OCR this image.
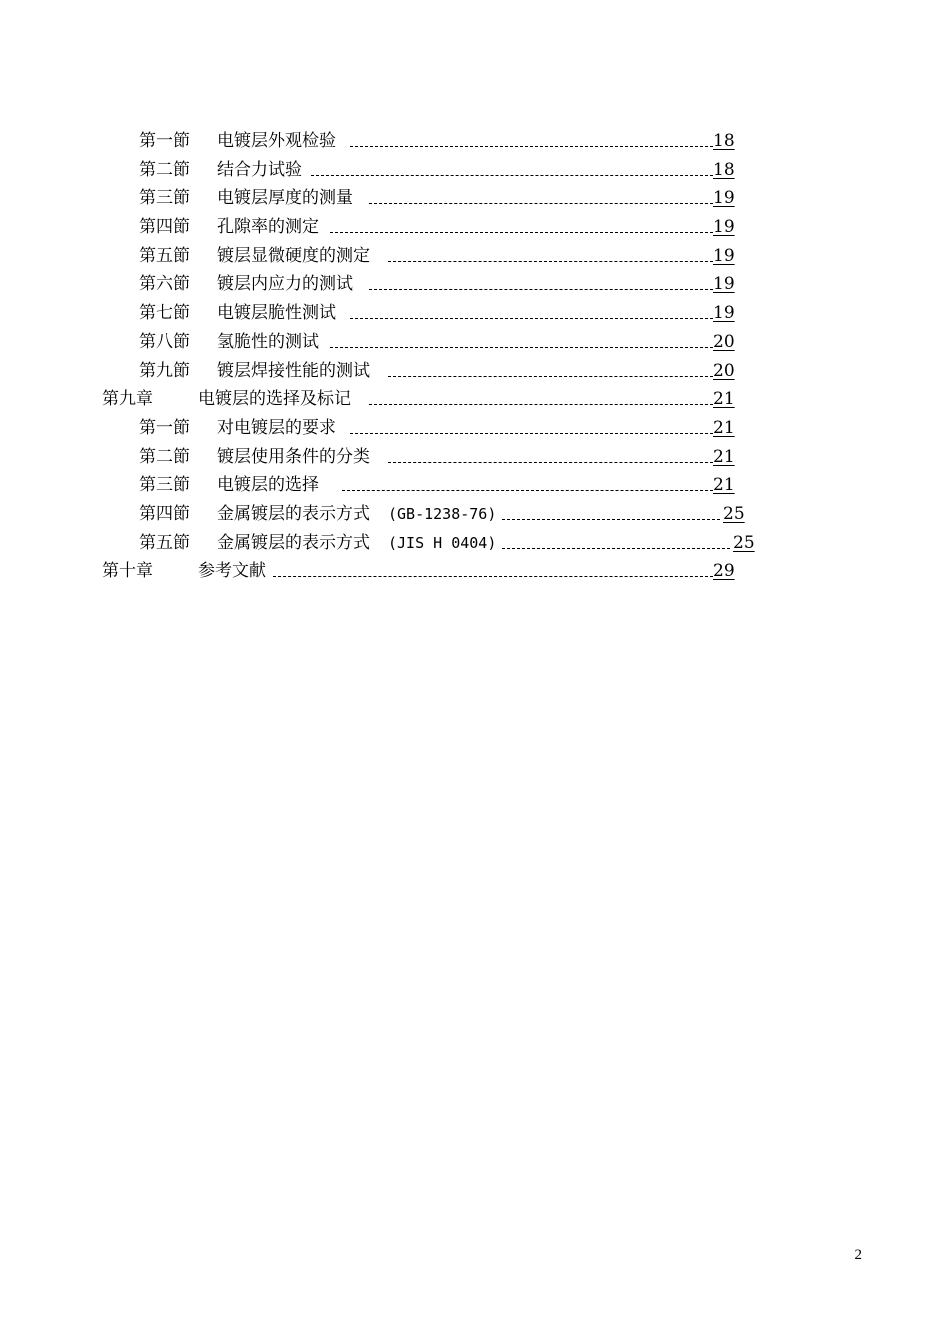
第一節 电镀层外观检验	18
第二節 结合力试验	18
第三節 电镀层厚度的测量	19
第四節 孔隙率的测定	19
第五節 镀层显微硬度的测定	19
第六節 镀层内应力的测试	19
第七節 电镀层脆性测试	19
第八節 氢脆性的测试	20
第九節 镀层焊接性能的测试	20
第九章	电镀层的选择及标记	21
第一節 对电镀层的要求	21
第二節 镀层使用条件的分类	21
第三節 电镀层的选择	21
第四節 金属镀层的表示方式 (GB-1238-76)	25
第五節 金属镀层的表示方式 (JIS H 0404)	25
第十章	参考文献	29
2
